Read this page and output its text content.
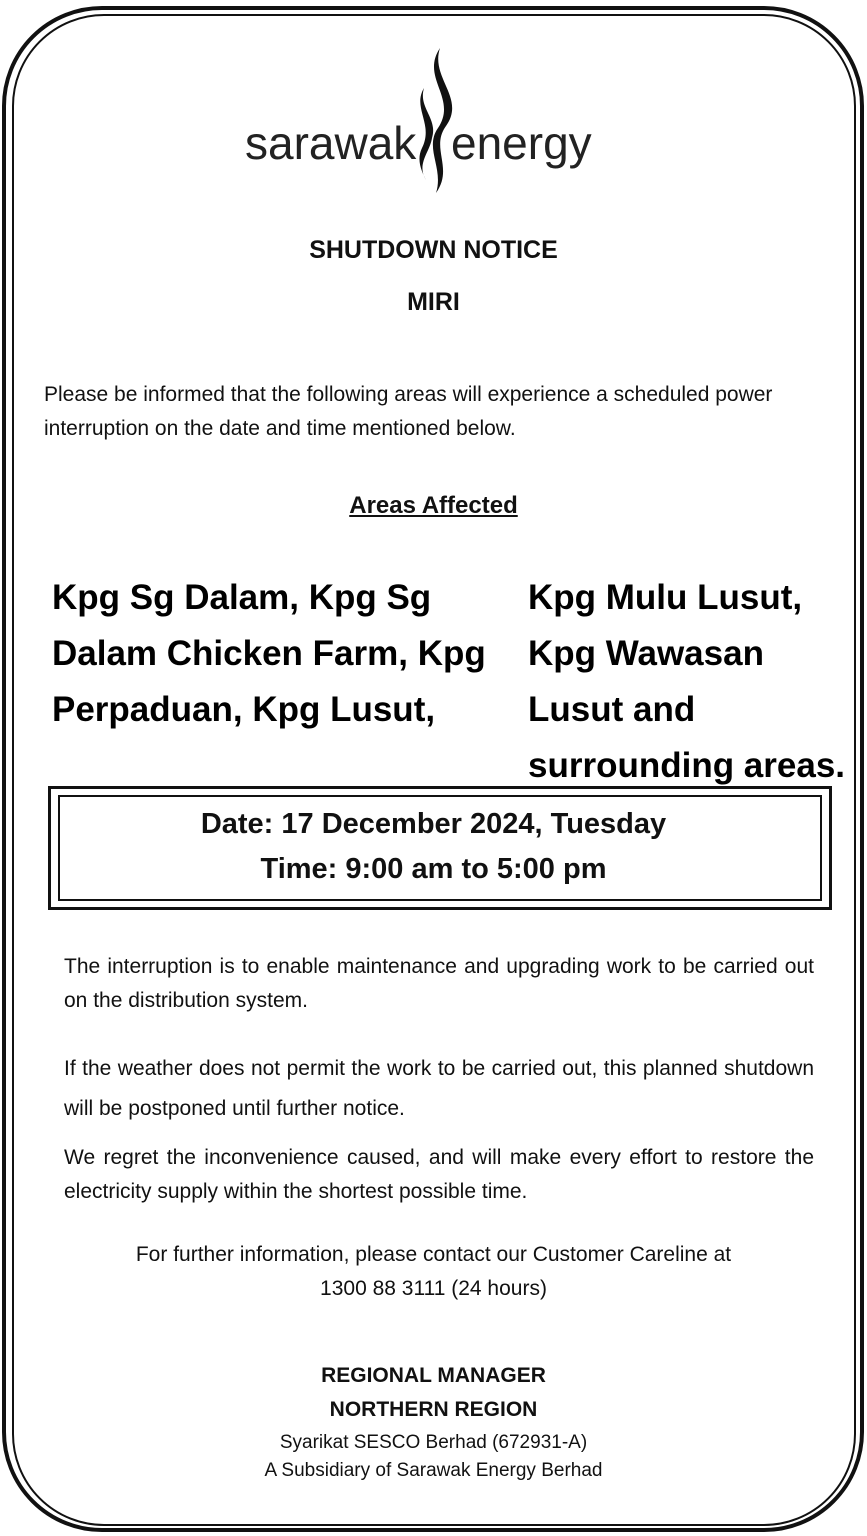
sarawak energy
SHUTDOWN NOTICE
MIRI
Please be informed that the following areas will experience a scheduled power interruption on the date and time mentioned below.
Areas Affected
Kpg Sg Dalam, Kpg Sg Dalam Chicken Farm, Kpg Perpaduan, Kpg Lusut,
Kpg Mulu Lusut, Kpg Wawasan Lusut and surrounding areas.
Date: 17 December 2024, Tuesday
Time: 9:00 am to 5:00 pm
The interruption is to enable maintenance and upgrading work to be carried out on the distribution system.
If the weather does not permit the work to be carried out, this planned shutdown will be postponed until further notice.
We regret the inconvenience caused, and will make every effort to restore the electricity supply within the shortest possible time.
For further information, please contact our Customer Careline at
1300 88 3111 (24 hours)
REGIONAL MANAGER
NORTHERN REGION
Syarikat SESCO Berhad (672931-A)
A Subsidiary of Sarawak Energy Berhad
